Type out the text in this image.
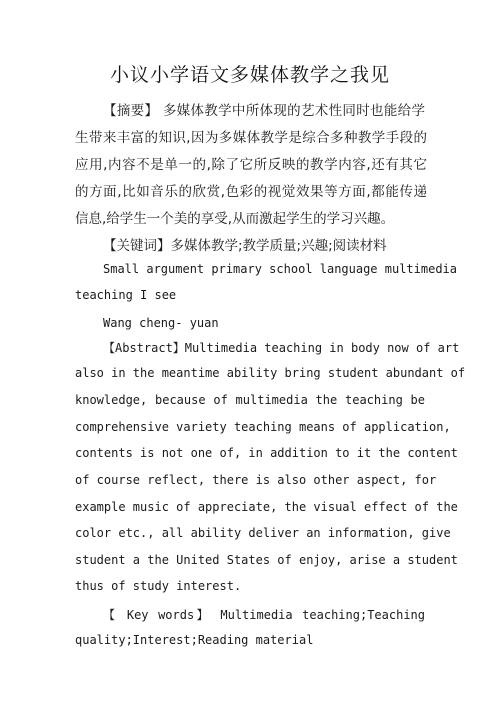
小议小学语文多媒体教学之我见
【摘要】 多媒体教学中所体现的艺术性同时也能给学
生带来丰富的知识,因为多媒体教学是综合多种教学手段的
应用,内容不是单一的,除了它所反映的教学内容,还有其它
的方面,比如音乐的欣赏,色彩的视觉效果等方面,都能传递
信息,给学生一个美的享受,从而激起学生的学习兴趣。
【关键词】多媒体教学;教学质量;兴趣;阅读材料
Small argument primary school language multimedia
teaching I see
Wang cheng- yuan
【Abstract】Multimedia teaching in body now of art
also in the meantime ability bring student abundant of
knowledge, because of multimedia the teaching be
comprehensive variety teaching means of application,
contents is not one of, in addition to it the content
of course reflect, there is also other aspect, for
example music of appreciate, the visual effect of the
color etc., all ability deliver an information, give
student a the United States of enjoy, arise a student
thus of study interest.
【 Key words】 Multimedia teaching;Teaching
quality;Interest;Reading material
